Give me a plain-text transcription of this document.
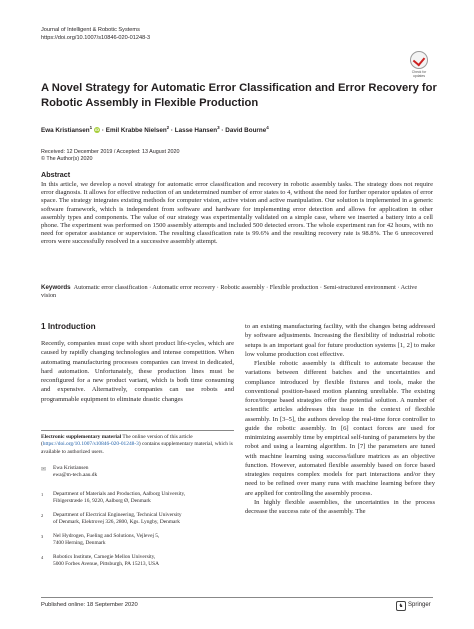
Journal of Intelligent & Robotic Systems
https://doi.org/10.1007/s10846-020-01248-3
Check for
updates
A Novel Strategy for Automatic Error Classification and Error Recovery for Robotic Assembly in Flexible Production
Ewa Kristiansen$^1$ iD · Emil Krabbe Nielsen$^2$ · Lasse Hansen$^3$ · David Bourne$^4$
Received: 12 December 2019 / Accepted: 13 August 2020
© The Author(s) 2020
Abstract
In this article, we develop a novel strategy for automatic error classification and recovery in robotic assembly tasks. The strategy does not require error diagnosis. It allows for effective reduction of an undetermined number of error states to 4, without the need for further operator updates of error space. The strategy integrates existing methods for computer vision, active vision and active manipulation. Our solution is implemented in a generic software framework, which is independent from software and hardware for implementing error detection and allows for application in other assembly types and components. The value of our strategy was experimentally validated on a simple case, where we inserted a battery into a cell phone. The experiment was performed on 1500 assembly attempts and included 500 detected errors. The whole experiment ran for 42 hours, with no need for operator assistance or supervision. The resulting classification rate is 99.6% and the resulting recovery rate is 98.8%. The 6 unrecovered errors were successfully resolved in a successive assembly attempt.
Keywords Automatic error classification · Automatic error recovery · Robotic assembly · Flexible production · Semi-structured environment · Active vision
1 Introduction
Recently, companies must cope with short product life-cycles, which are caused by rapidly changing technologies and intense competition. When automating manufacturing processes companies can invest in dedicated, hard automation. Unfortunately, these production lines must be reconfigured for a new product variant, which is both time consuming and expensive. Alternatively, companies can use robots and programmable equipment to eliminate drastic changes
to an existing manufacturing facility, with the changes being addressed by software adjustments. Increasing the flexibility of industrial robotic setups is an important goal for future production systems [1, 2] to make low volume production cost effective.
Flexible robotic assembly is difficult to automate because the variations between different batches and the uncertainties and compliance introduced by flexible fixtures and tools, make the conventional position-based motion planning unreliable. The existing force/torque based strategies offer the potential solution. A number of scientific articles addresses this issue in the context of flexible assembly. In [3–5], the authors develop the real-time force controller to guide the robotic assembly. In [6] contact forces are used for minimizing assembly time by empirical self-tuning of parameters by the robot and using a learning algorithm. In [7] the parameters are tuned with machine learning using success/failure matrices as an objective function. However, automated flexible assembly based on force based strategies requires complex models for part interactions and/or they need to be refined over many runs with machine learning before they are applied for controlling the assembly process.
In highly flexible assemblies, the uncertainties in the process decrease the success rate of the assembly. The
Electronic supplementary material The online version of this article (https://doi.org/10.1007/s10846-020-01248-3) contains supplementary material, which is available to authorized users.
✉ Ewa Kristiansen
ewa@m-tech.aau.dk
1 Department of Materials and Production, Aalborg University,
Fibigerstræde 16, 9220, Aalborg Ø, Denmark
2 Department of Electrical Engineering, Technical University
of Denmark, Elektrovej 326, 2800, Kgs. Lyngby, Denmark
3 Nel Hydrogen, Fueling and Solutions, Vejlevej 5,
7400 Herning, Denmark
4 Robotics Institute, Carnegie Mellon University,
5000 Forbes Avenue, Pittsburgh, PA 15213, USA
Published online: 18 September 2020	♞ Springer
